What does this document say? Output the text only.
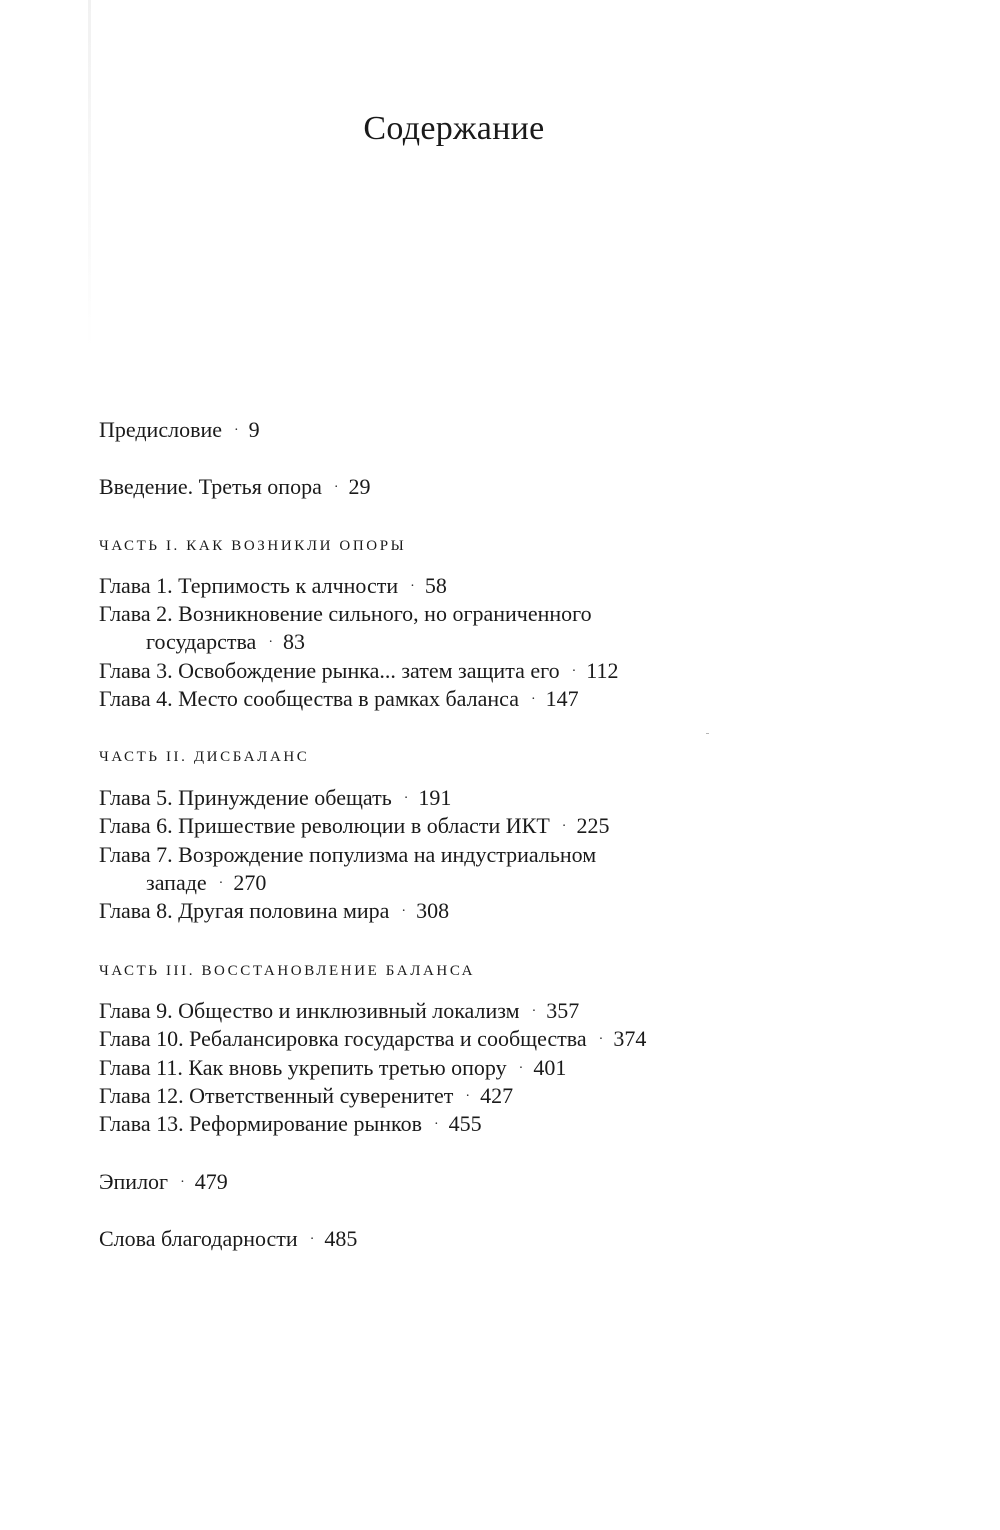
Содержание
Предисловие · 9
Введение. Третья опора · 29
ЧАСТЬ I. КАК ВОЗНИКЛИ ОПОРЫ
Глава 1. Терпимость к алчности · 58
Глава 2. Возникновение сильного, но ограниченного
государства · 83
Глава 3. Освобождение рынка... затем защита его · 112
Глава 4. Место сообщества в рамках баланса · 147
ЧАСТЬ II. ДИСБАЛАНС
Глава 5. Принуждение обещать · 191
Глава 6. Пришествие революции в области ИКТ · 225
Глава 7. Возрождение популизма на индустриальном
западе · 270
Глава 8. Другая половина мира · 308
ЧАСТЬ III. ВОССТАНОВЛЕНИЕ БАЛАНСА
Глава 9. Общество и инклюзивный локализм · 357
Глава 10. Ребалансировка государства и сообщества · 374
Глава 11. Как вновь укрепить третью опору · 401
Глава 12. Ответственный суверенитет · 427
Глава 13. Реформирование рынков · 455
Эпилог · 479
Слова благодарности · 485
